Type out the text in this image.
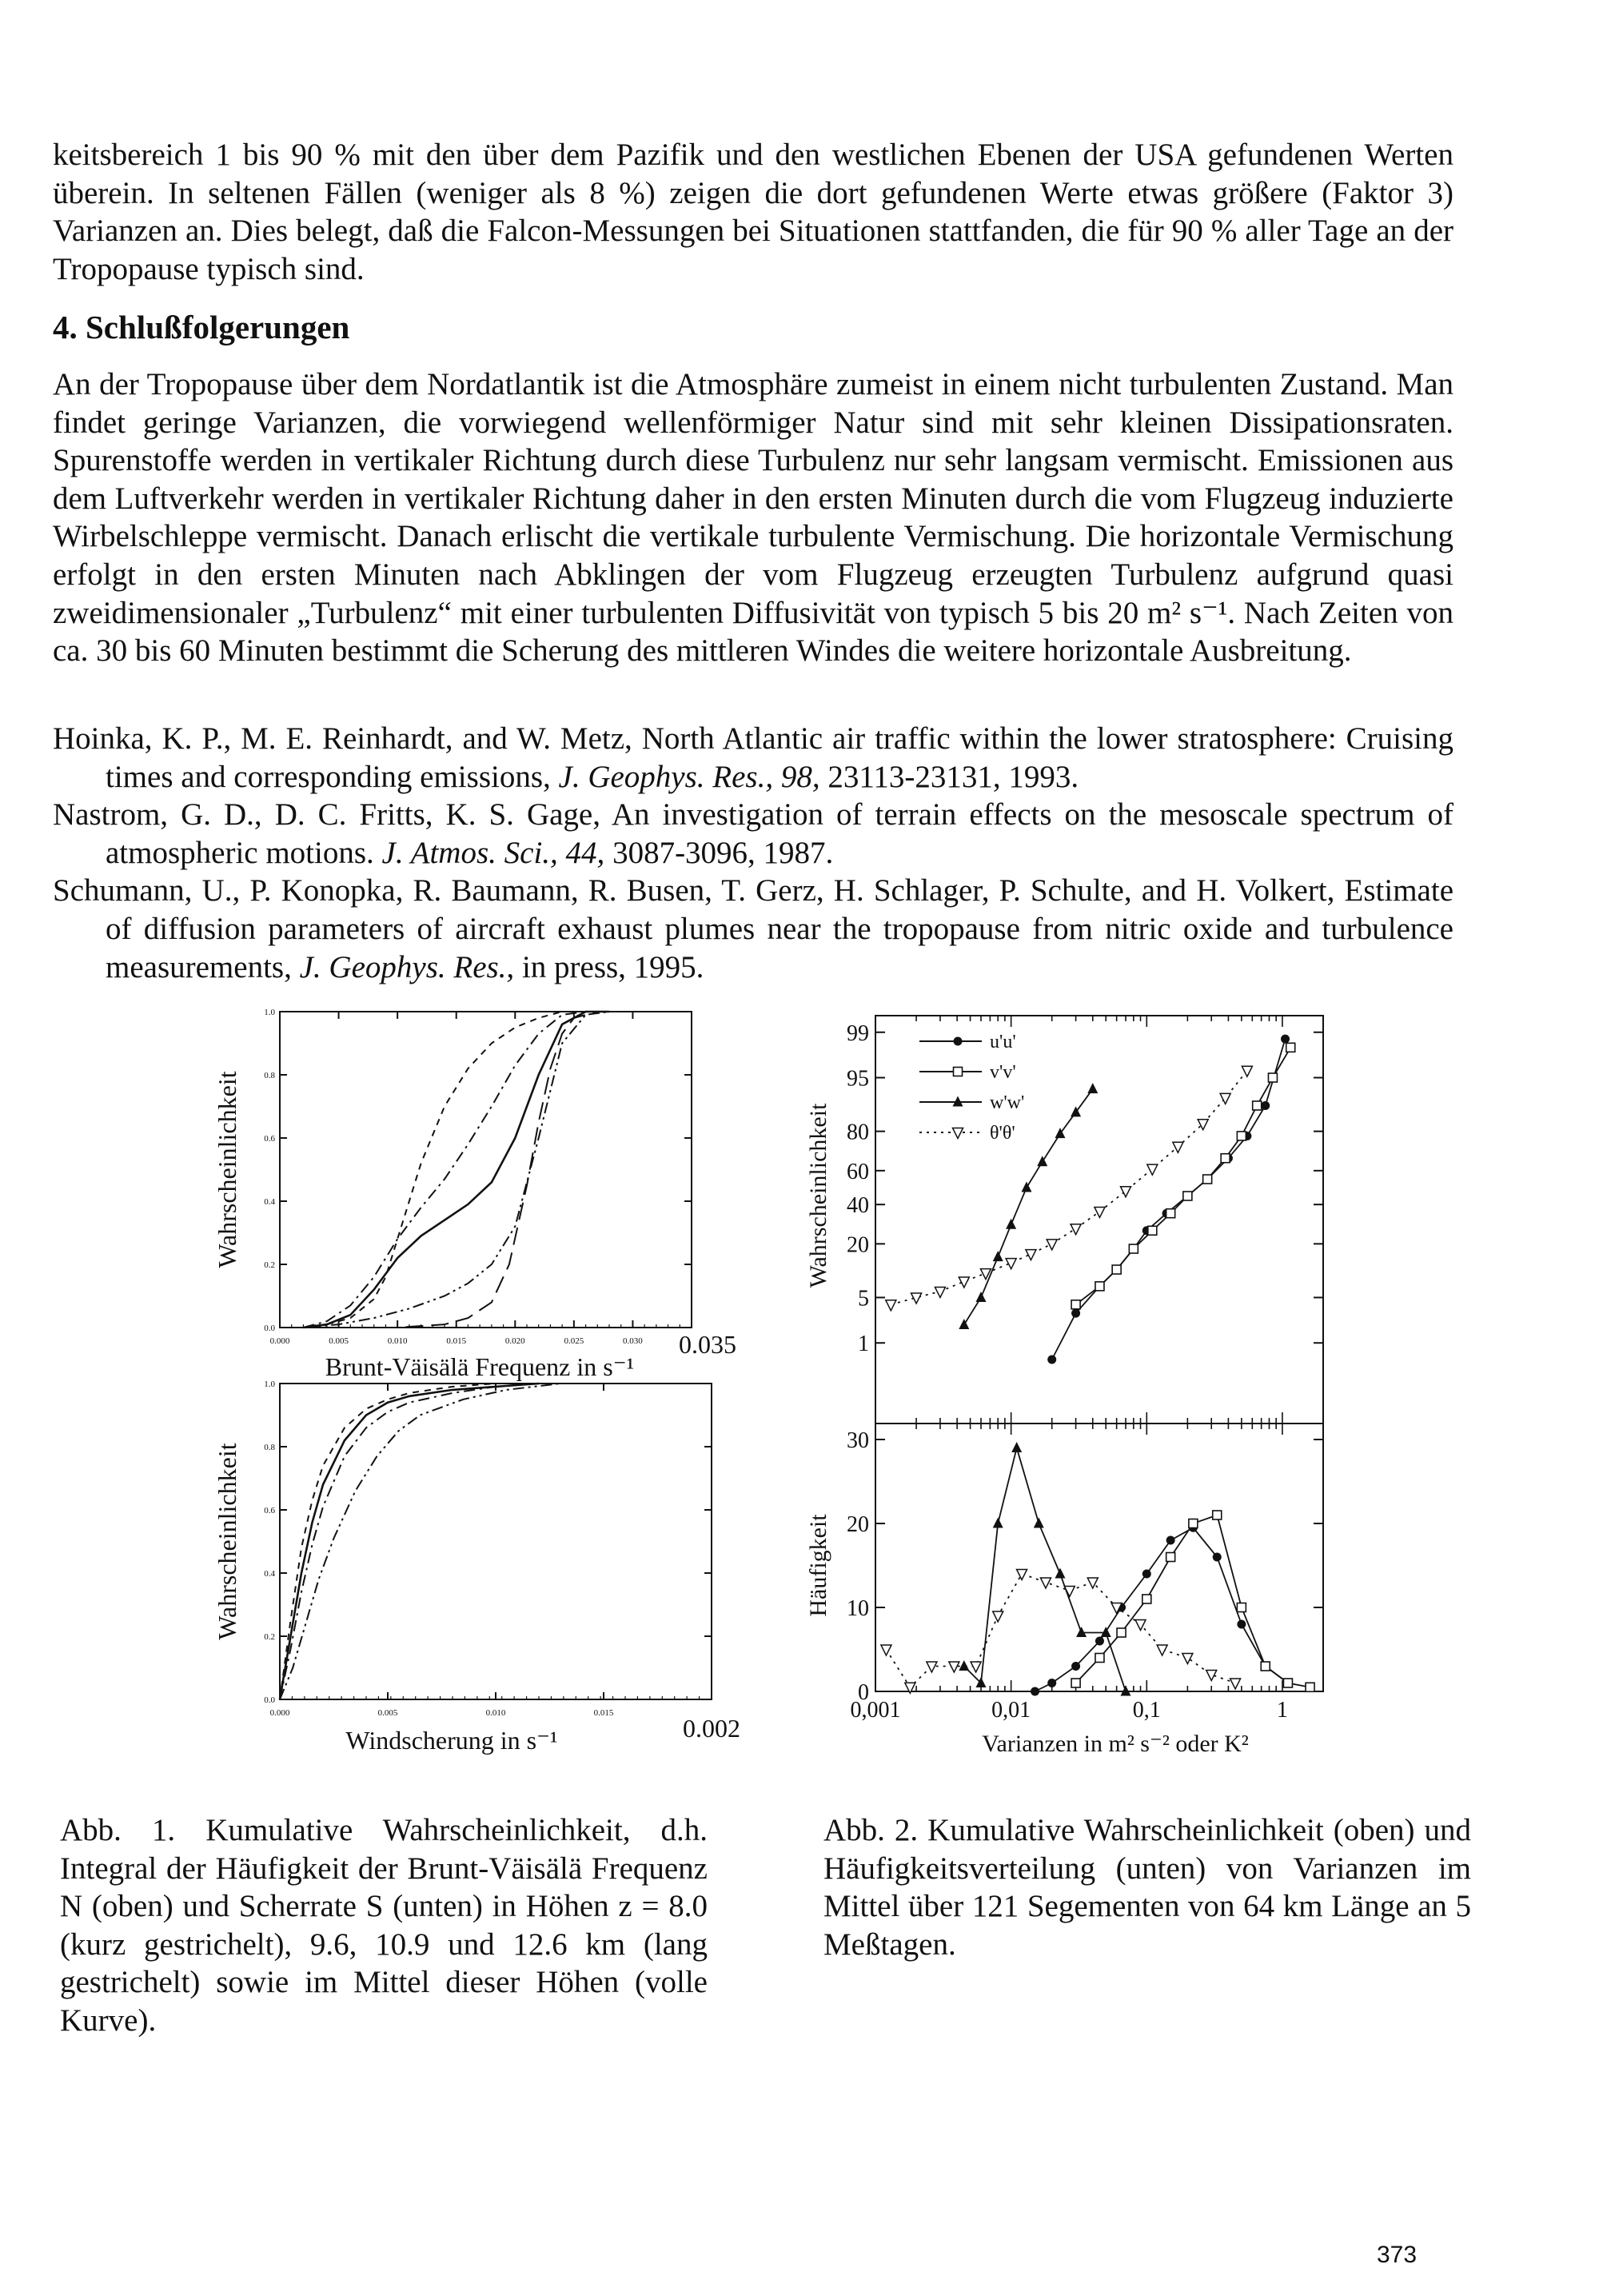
keitsbereich 1 bis 90 % mit den über dem Pazifik und den westlichen Ebenen der USA gefundenen Werten überein. In seltenen Fällen (weniger als 8 %) zeigen die dort gefundenen Werte etwas größere (Faktor 3) Varianzen an. Dies belegt, daß die Falcon-Messungen bei Situationen stattfanden, die für 90 % aller Tage an der Tropopause typisch sind.

4. Schlußfolgerungen

An der Tropopause über dem Nordatlantik ist die Atmosphäre zumeist in einem nicht turbulenten Zustand. Man findet geringe Varianzen, die vorwiegend wellenförmiger Natur sind mit sehr kleinen Dissipationsraten. Spurenstoffe werden in vertikaler Richtung durch diese Turbulenz nur sehr langsam vermischt. Emissionen aus dem Luftverkehr werden in vertikaler Richtung daher in den ersten Minuten durch die vom Flugzeug induzierte Wirbelschleppe vermischt. Danach erlischt die vertikale turbulente Vermischung. Die horizontale Vermischung erfolgt in den ersten Minuten nach Abklingen der vom Flugzeug erzeugten Turbulenz aufgrund quasi zweidimensionaler „Turbulenz“ mit einer turbulenten Diffusivität von typisch 5 bis 20 m² s⁻¹. Nach Zeiten von ca. 30 bis 60 Minuten bestimmt die Scherung des mittleren Windes die weitere horizontale Ausbreitung.

Hoinka, K. P., M. E. Reinhardt, and W. Metz, North Atlantic air traffic within the lower stratosphere: Cruising times and corresponding emissions, J. Geophys. Res., 98, 23113-23131, 1993.

Nastrom, G. D., D. C. Fritts, K. S. Gage, An investigation of terrain effects on the mesoscale spectrum of atmospheric motions. J. Atmos. Sci., 44, 3087-3096, 1987.

Schumann, U., P. Konopka, R. Baumann, R. Busen, T. Gerz, H. Schlager, P. Schulte, and H. Volkert, Estimate of diffusion parameters of aircraft exhaust plumes near the tropopause from nitric oxide and turbulence measurements, J. Geophys. Res., in press, 1995.

0.0
0.2
0.4
0.6
0.8
1.0
0.000	0.005	0.010	0.015	0.020	0.025	0.030
Wahrscheinlichkeit
0.035
Brunt-Väisälä Frequenz in s⁻¹
0.0
0.2
0.4
0.6
0.8
1.0
0.000	0.005	0.010	0.015
Wahrscheinlichkeit
0.002
Windscherung in s⁻¹
99
95
80
60
40
20
5
1
0
10
20
30
0,001	0,01	0,1	1
u'u'
v'v'
w'w'
θ'θ'
Wahrscheinlichkeit
Häufigkeit
Varianzen in m² s⁻² oder K²
Abb. 1. Kumulative Wahrscheinlichkeit, d.h. Integral der Häufigkeit der Brunt-Väisälä Frequenz N (oben) und Scherrate S (unten) in Höhen z = 8.0 (kurz gestrichelt), 9.6, 10.9 und 12.6 km (lang gestrichelt) sowie im Mittel dieser Höhen (volle Kurve).
Abb. 2. Kumulative Wahrscheinlichkeit (oben) und Häufigkeitsverteilung (unten) von Varianzen im Mittel über 121 Segementen von 64 km Länge an 5 Meßtagen.
373
